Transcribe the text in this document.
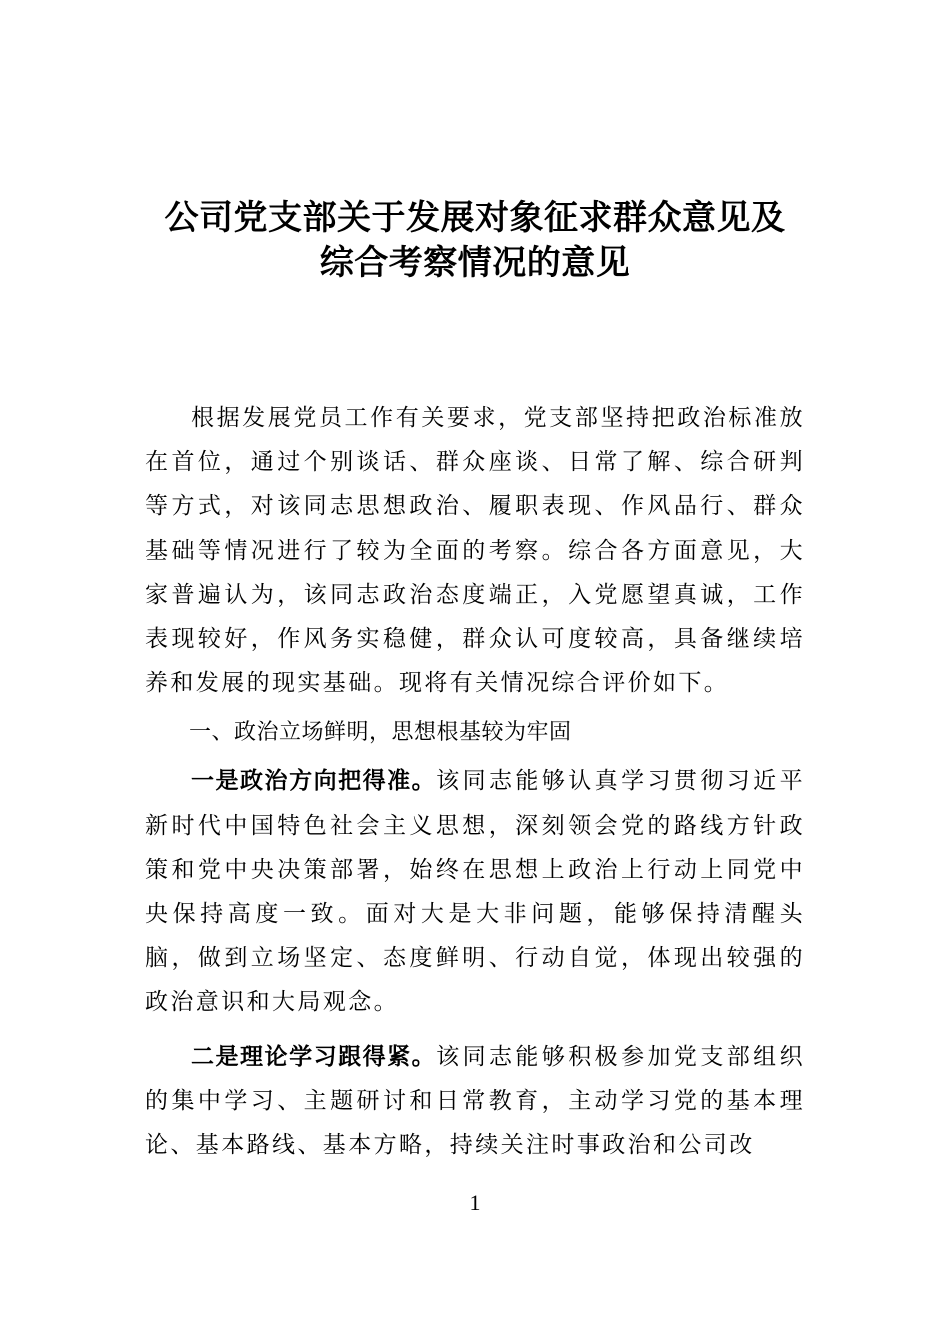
公司党支部关于发展对象征求群众意见及
综合考察情况的意见

根据发展党员工作有关要求，党支部坚持把政治标准放在首位，通过个别谈话、群众座谈、日常了解、综合研判等方式，对该同志思想政治、履职表现、作风品行、群众基础等情况进行了较为全面的考察。综合各方面意见，大家普遍认为，该同志政治态度端正，入党愿望真诚，工作表现较好，作风务实稳健，群众认可度较高，具备继续培养和发展的现实基础。现将有关情况综合评价如下。

一、政治立场鲜明，思想根基较为牢固

一是政治方向把得准。该同志能够认真学习贯彻习近平新时代中国特色社会主义思想，深刻领会党的路线方针政策和党中央决策部署，始终在思想上政治上行动上同党中央保持高度一致。面对大是大非问题，能够保持清醒头脑，做到立场坚定、态度鲜明、行动自觉，体现出较强的政治意识和大局观念。

二是理论学习跟得紧。该同志能够积极参加党支部组织的集中学习、主题研讨和日常教育，主动学习党的基本理论、基本路线、基本方略，持续关注时事政治和公司改

1
